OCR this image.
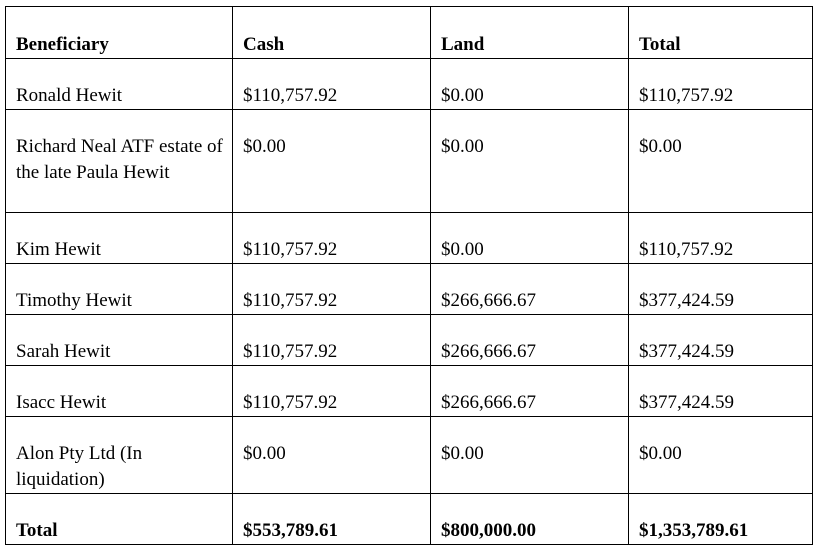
Beneficiary	Cash	Land	Total
Ronald Hewit	$110,757.92	$0.00	$110,757.92
Richard Neal ATF estate of the late Paula Hewit	$0.00	$0.00	$0.00
Kim Hewit	$110,757.92	$0.00	$110,757.92
Timothy Hewit	$110,757.92	$266,666.67	$377,424.59
Sarah Hewit	$110,757.92	$266,666.67	$377,424.59
Isacc Hewit	$110,757.92	$266,666.67	$377,424.59
Alon Pty Ltd (In liquidation)	$0.00	$0.00	$0.00
Total	$553,789.61	$800,000.00	$1,353,789.61
